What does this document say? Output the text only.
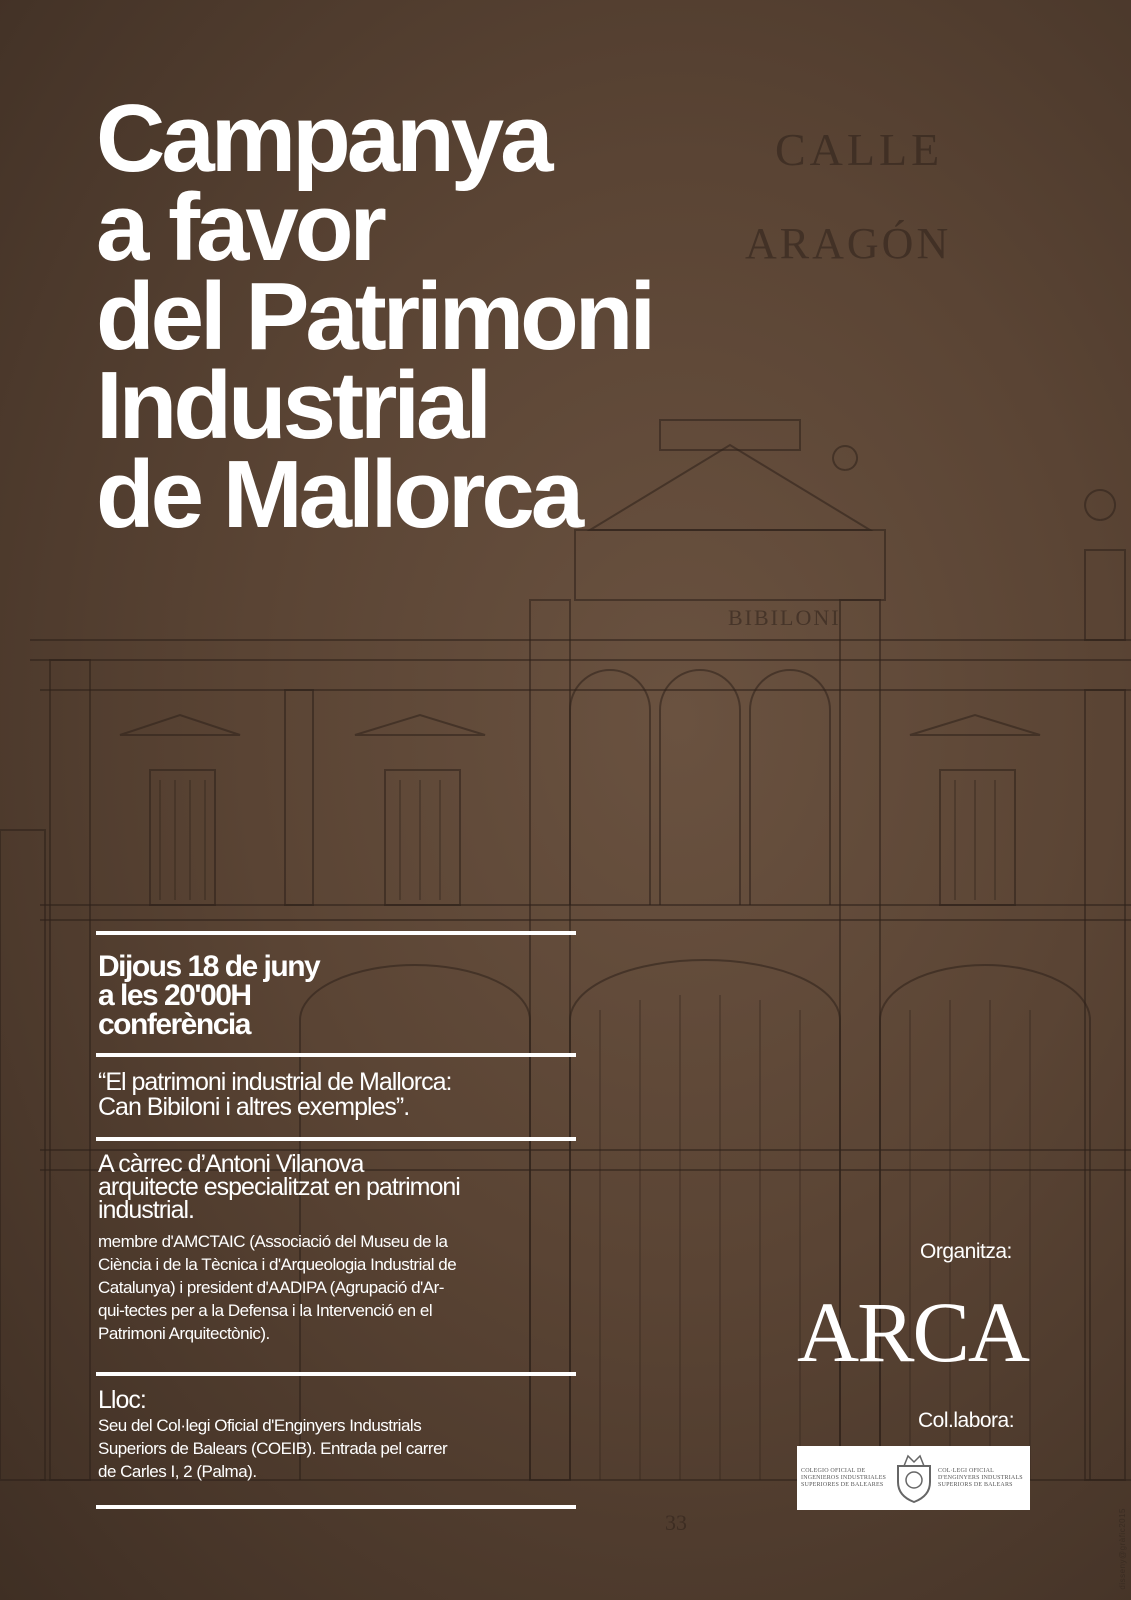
CALLE
ARAGÓN
BIBILONI
33
Campanya
a favor
del Patrimoni
Industrial
de Mallorca
Dijous 18 de juny
a les 20'00H
conferència
“El patrimoni industrial de Mallorca:
Can Bibiloni i altres exemples”.
A càrrec d’Antoni Vilanova
arquitecte especialitzat en patrimoni
industrial.
membre d'AMCTAIC (Associació del Museu de la
Ciència i de la Tècnica i d'Arqueologia Industrial de
Catalunya) i president d'AADIPA (Agrupació d'Ar-
qui-tectes per a la Defensa i la Intervenció en el
Patrimoni Arquitectònic).
Lloc:
Seu del Col·legi Oficial d'Enginyers Industrials
Superiors de Balears (COEIB). Entrada pel carrer
de Carles I, 2 (Palma).
Organitza:
ARCA
Col.labora:
COLEGIO OFICIAL DE INGENIEROS INDUSTRIALES SUPERIORES DE BALEARES
COL·LEGI OFICIAL D'ENGINYERS INDUSTRIALS SUPERIORS DE BALEARS
disseny@gràfic2015
